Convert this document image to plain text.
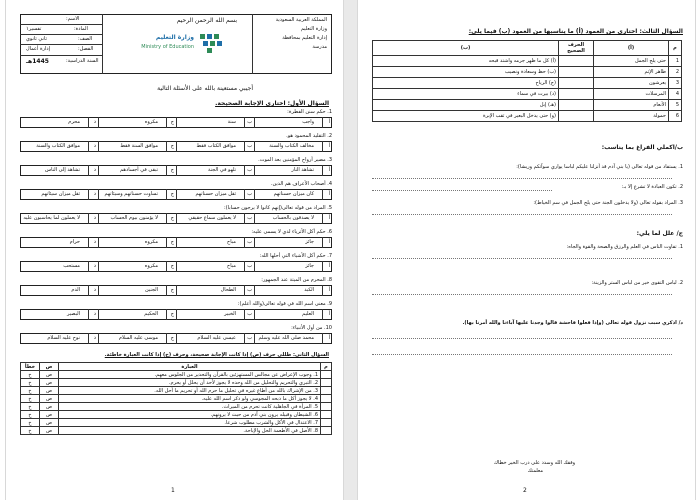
المملكة العربية السعودية
وزارة التعليم
إدارة التعليم بمحافظة
مدرسة
بسم الله الرحمن الرحيم
وزارة التعليم
Ministry of Education
الاسم:
المادة:
تفسير١
الصف:
ثاني ثانوي
الفصل:
إدارة أعمال
السنة الدراسية:
1445هـ
أجيبي مستعينة بالله على الأسئلة التالية
السؤال الأول: اختاري الإجابة الصحيحة.
1. حكم سنن الفطرة:
أ
واجب
ب
سنة
ج
مكروه
د
محرم
2. التقليد المحمود هو.
أ
مخالف الكتاب والسنة
ب
موافق الكتاب فقط
ج
موافق السنة فقط
د
موافق الكتاب والسنة
3. مصير أرواح المؤمنين بعد الموت.
أ
تشاهد النار
ب
تلهو في الجنة
ج
تبقى في أجسادهم
د
تشاهد إلى الناس
4. أصحاب الأعراف هم الذين.
أ
كان ميزان حسناتهم
ب
ثقل ميزان حسناتهم
ج
تساوت حسناتهم وسيئاتهم
د
ثقل ميزان سيئاتهم
5. المراد من قوله تعالى(إنهم كانوا لا يرجون حسابا):
أ
لا يصدقون بالحساب
ب
لا يعملون سماع حقيقي
ج
لا يؤمنون بيوم الحساب
د
لا يعملون لما يحاسبون عليه
6. حكم أكل الأثرياء لذي لا يسمى عليه:
أ
جائز
ب
مباح
ج
مكروه
د
حرام
7. حكم أكل الأشياء التي أحلها الله:
أ
جائز
ب
مباح
ج
مكروه
د
مستحب
8. المحرم من الميتة عند الجمهور:
أ
الكبد
ب
الطحال
ج
الجنين
د
الدم
9. معنى اسم الله في قوله تعالى(والله أعلم):
أ
العليم
ب
الخبير
ج
الحكيم
د
البصير
10. من أول الأنبياء:
أ
محمد صلى الله عليه وسلم
ب
عيسى عليه السلام
ج
موسى عليه السلام
د
نوح عليه السلام
السؤال الثاني: ظللي حرف (ص) إذا كانت الإجابة صحيحة، وحرف (خ) إذا كانت العبارة خاطئة.
م	العبارة	ص	خطأ
	1. وجوب الإعراض عن مجالس المستهزئين بالقرآن والتحذير من الجلوس معهم.	ص	خ
	2. التبري والتحريم والتحليل من الله وحده لا يجوز لأحد أن يحلل أو يحرم.	ص	خ
	3. من الإشراك بالله من أطاع غيره في تحليل ما حرم الله أو تحريم ما أحل الله.	ص	خ
	4. لا يجوز أكل ما ذبحه المجوسي ولو ذكر اسم الله عليه.	ص	خ
	5. المرأة في الجاهلية كانت تحرم من الميراث.	ص	خ
	6. الشيطان وقبيله يرون بني آدم من حيث لا يرونهم.	ص	خ
	7. الاعتدال في الأكل والشرب مطلوب شرعا.	ص	خ
	8. الأصل في الأطعمة الحل والإباحة.	ص	خ
1
السؤال الثالث: اختاري من العمود (أ) ما يناسبها من العمود (ب) فيما يلي:
م	(أ)	الحرف الصحيح	(ب)
1	حتى يلج الجمل		(أ) كل ما ظهر جرمه واشتد قبحه
2	ظاهر الإثم		(ب) حظ وسعادة ونصيب
3	يعرشون		(ج) الرياح
4	المرسلات		(د) بيرت في سماء
5	الأنعام		(هـ) إبل
6	حمولة		(و) حتى يدخل البعير في ثقب الإبرة
ب/اكملي الفراغ بما يناسب:
1. يستفاد من قوله تعالى (يا بني آدم قد أنزلنا عليكم لباسا يواري سوآتكم وريشا):
2. تكون العبادة لا تشرع إلا بـ:
3. المراد بقوله تعالى (ولا يدخلون الجنة حتى يلج الجمل في سم الخياط):
ج/ علل لما يلي:
1. تفاوت الناس في العلم والرزق والصحة والقوة والجاه:
2. لباس التقوى خير من لباس الستر والزينة:
د/ اذكري سبب نزول قوله تعالى (وإذا فعلوا فاحشة قالوا وجدنا عليها آباءنا والله أمرنا بها).
وفقك الله وسدد على درب الخير خطاك
معلمتك
2
